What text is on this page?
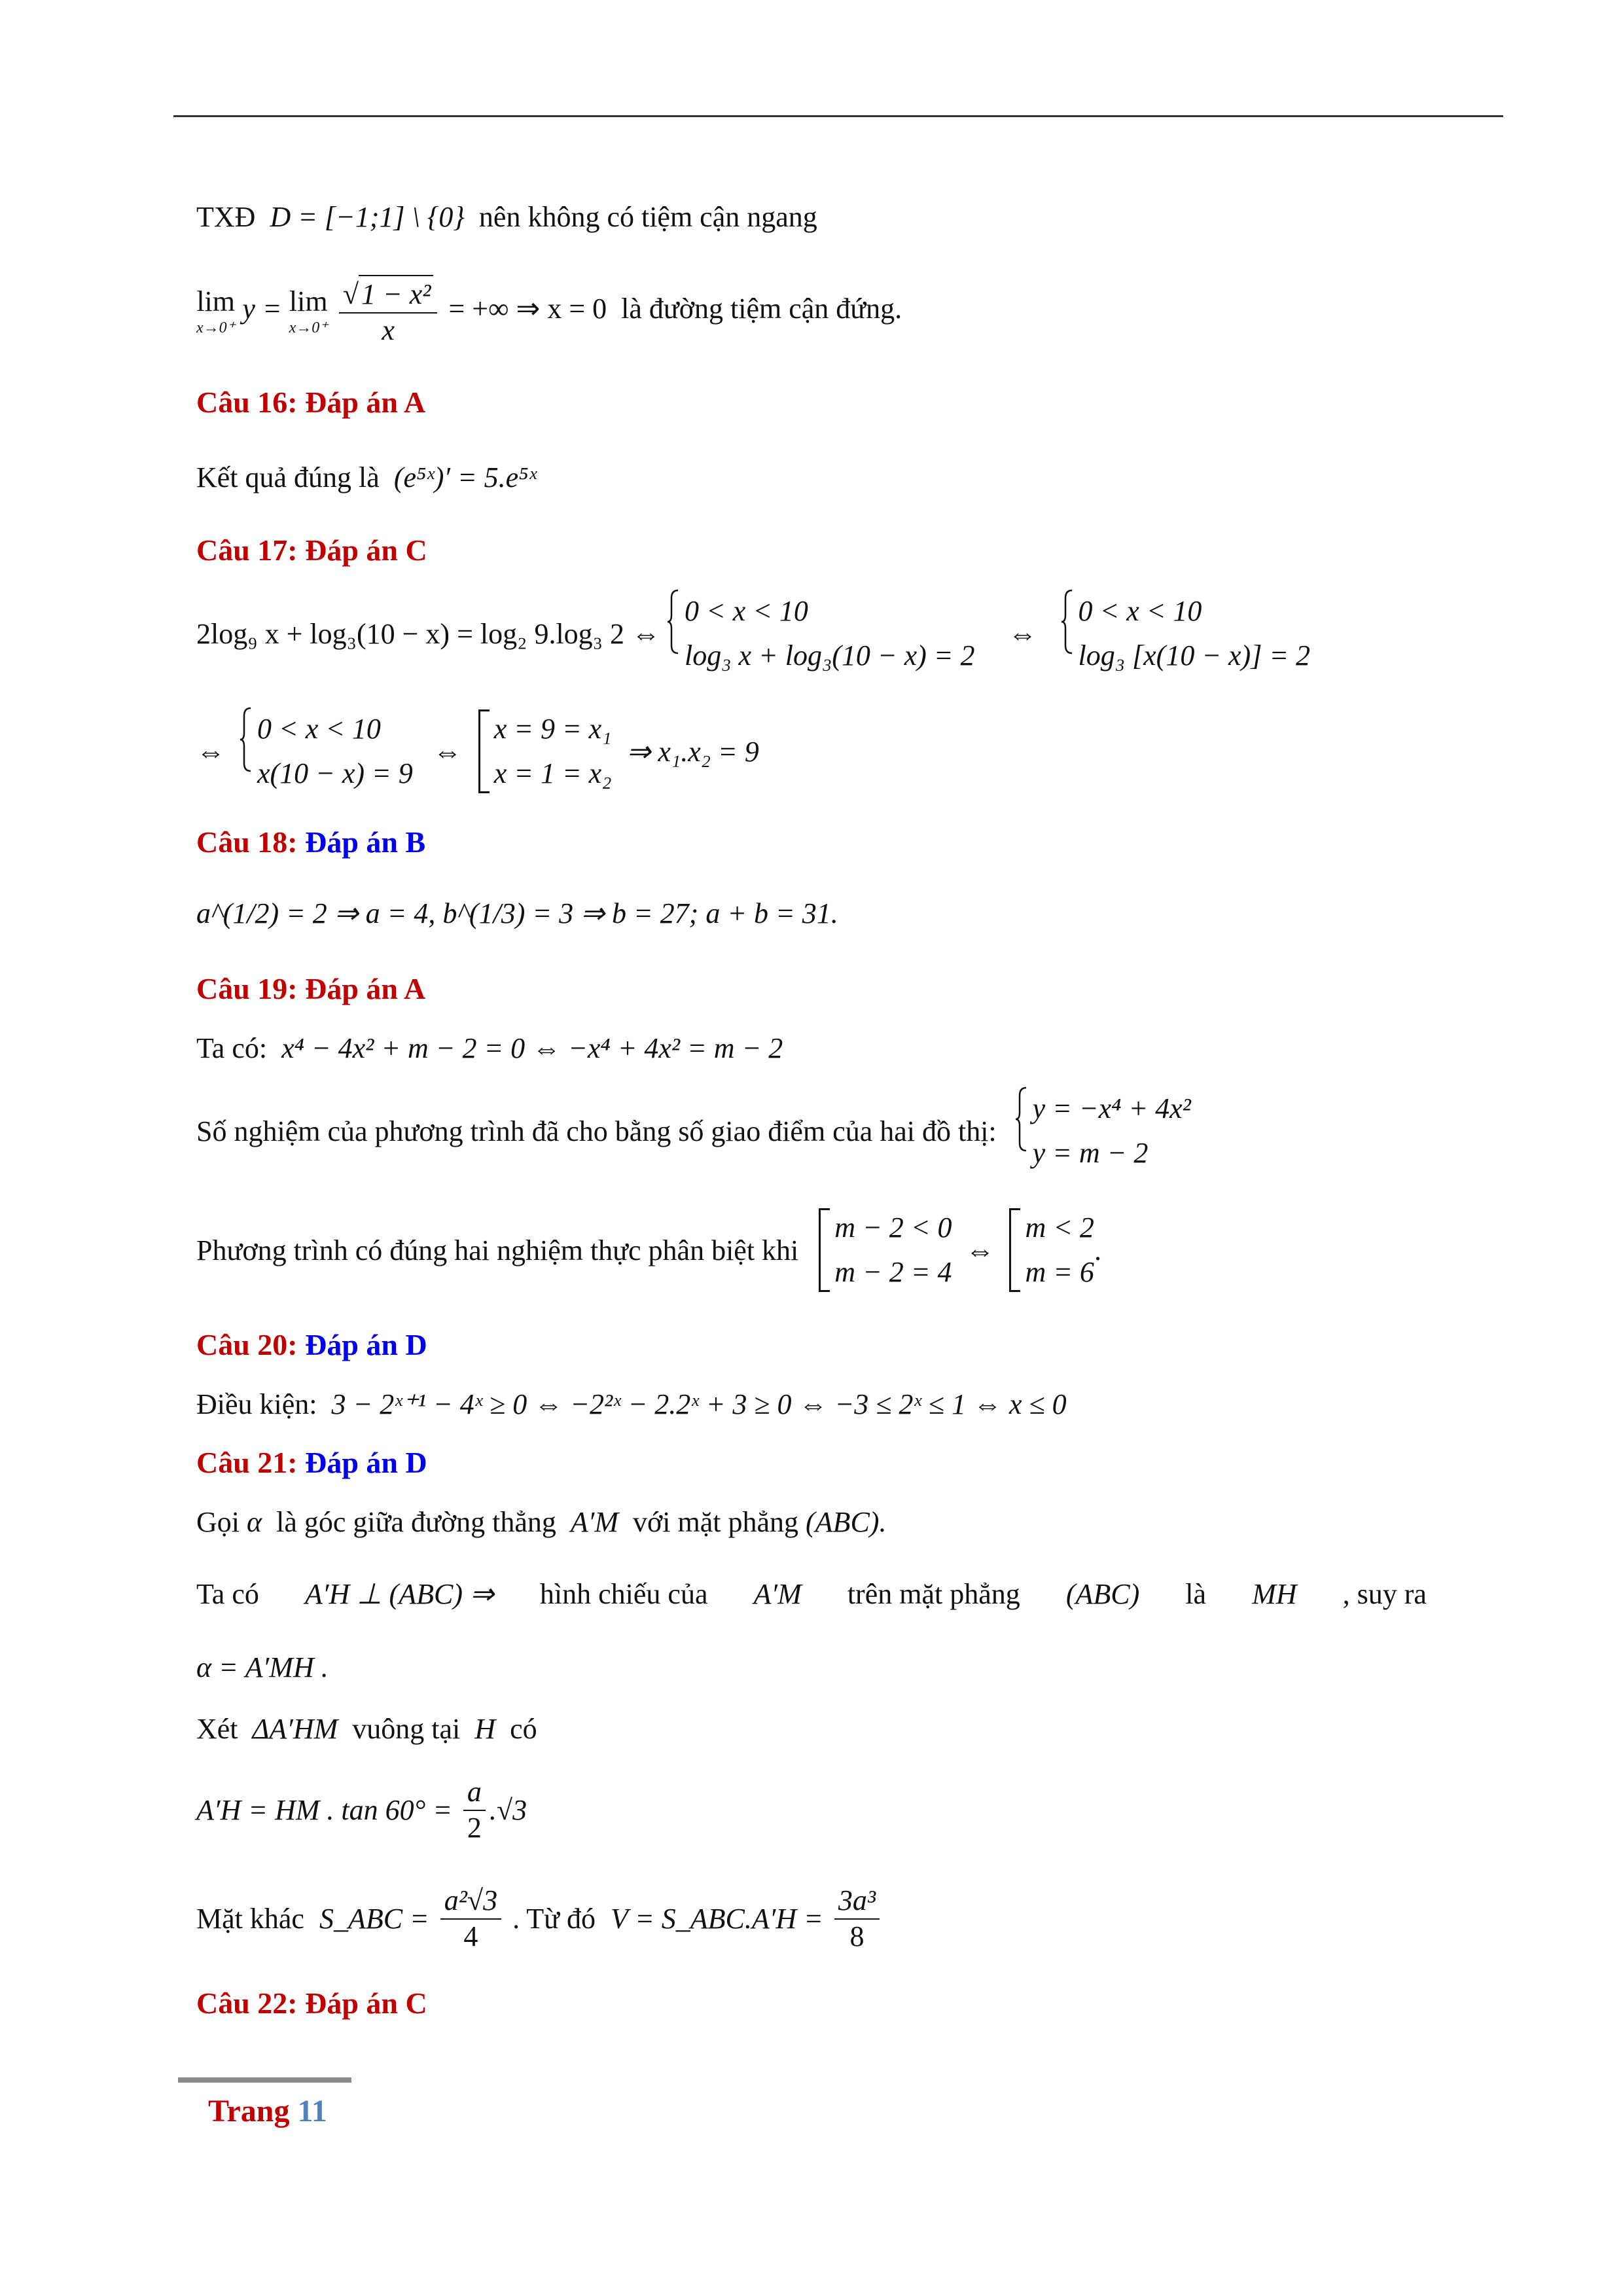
TXĐ D = [−1;1] \ {0} nên không có tiệm cận ngang
lim
x→0⁺
y = lim
x→0⁺
$\frac{\text{√1 − x²}}{x}$ = +∞ ⇒ x = 0 là đường tiệm cận đứng.
Câu 16: Đáp án A
Kết quả đúng là (e⁵ˣ)′ = 5.e⁵ˣ
Câu 17: Đáp án C
2log₉ x + log₃(10 − x) = log₂ 9.log₃ 2 ⇔
0 < x < 10
log₃ x + log₃(10 − x) = 2
⇔
0 < x < 10
log₃ [x(10 − x)] = 2
⇔
0 < x < 10
x(10 − x) = 9
⇔
x = 9 = x₁
x = 1 = x₂
⇒ x₁.x₂ = 9
Câu 18: Đáp án B
a^(1/2) = 2 ⇒ a = 4, b^(1/3) = 3 ⇒ b = 27; a + b = 31.
Câu 19: Đáp án A
Ta có: x⁴ − 4x² + m − 2 = 0 ⇔ −x⁴ + 4x² = m − 2
Số nghiệm của phương trình đã cho bằng số giao điểm của hai đồ thị:
y = −x⁴ + 4x²
y = m − 2
Phương trình có đúng hai nghiệm thực phân biệt khi
m − 2 < 0
m − 2 = 4
⇔
m < 2
m = 6
.
Câu 20: Đáp án D
Điều kiện: 3 − 2ˣ⁺¹ − 4ˣ ≥ 0 ⇔ −2²ˣ − 2.2ˣ + 3 ≥ 0 ⇔ −3 ≤ 2ˣ ≤ 1 ⇔ x ≤ 0
Câu 21: Đáp án D
Gọi α là góc giữa đường thẳng A′M với mặt phẳng (ABC).
Ta có A′H ⊥ (ABC) ⇒ hình chiếu của A′M trên mặt phẳng (ABC) là MH , suy ra
α = A′MH .
Xét ΔA′HM vuông tại H có
A′H = HM . $\tan 60^\circ = \frac{a}{2} .√3$
Mặt khác S_ABC = $\frac{\text{a²√3}}{4}$ . Từ đó V = S_ABC.A′H = $\frac{\text{3a³}}{8}$
Câu 22: Đáp án C
Trang 11
